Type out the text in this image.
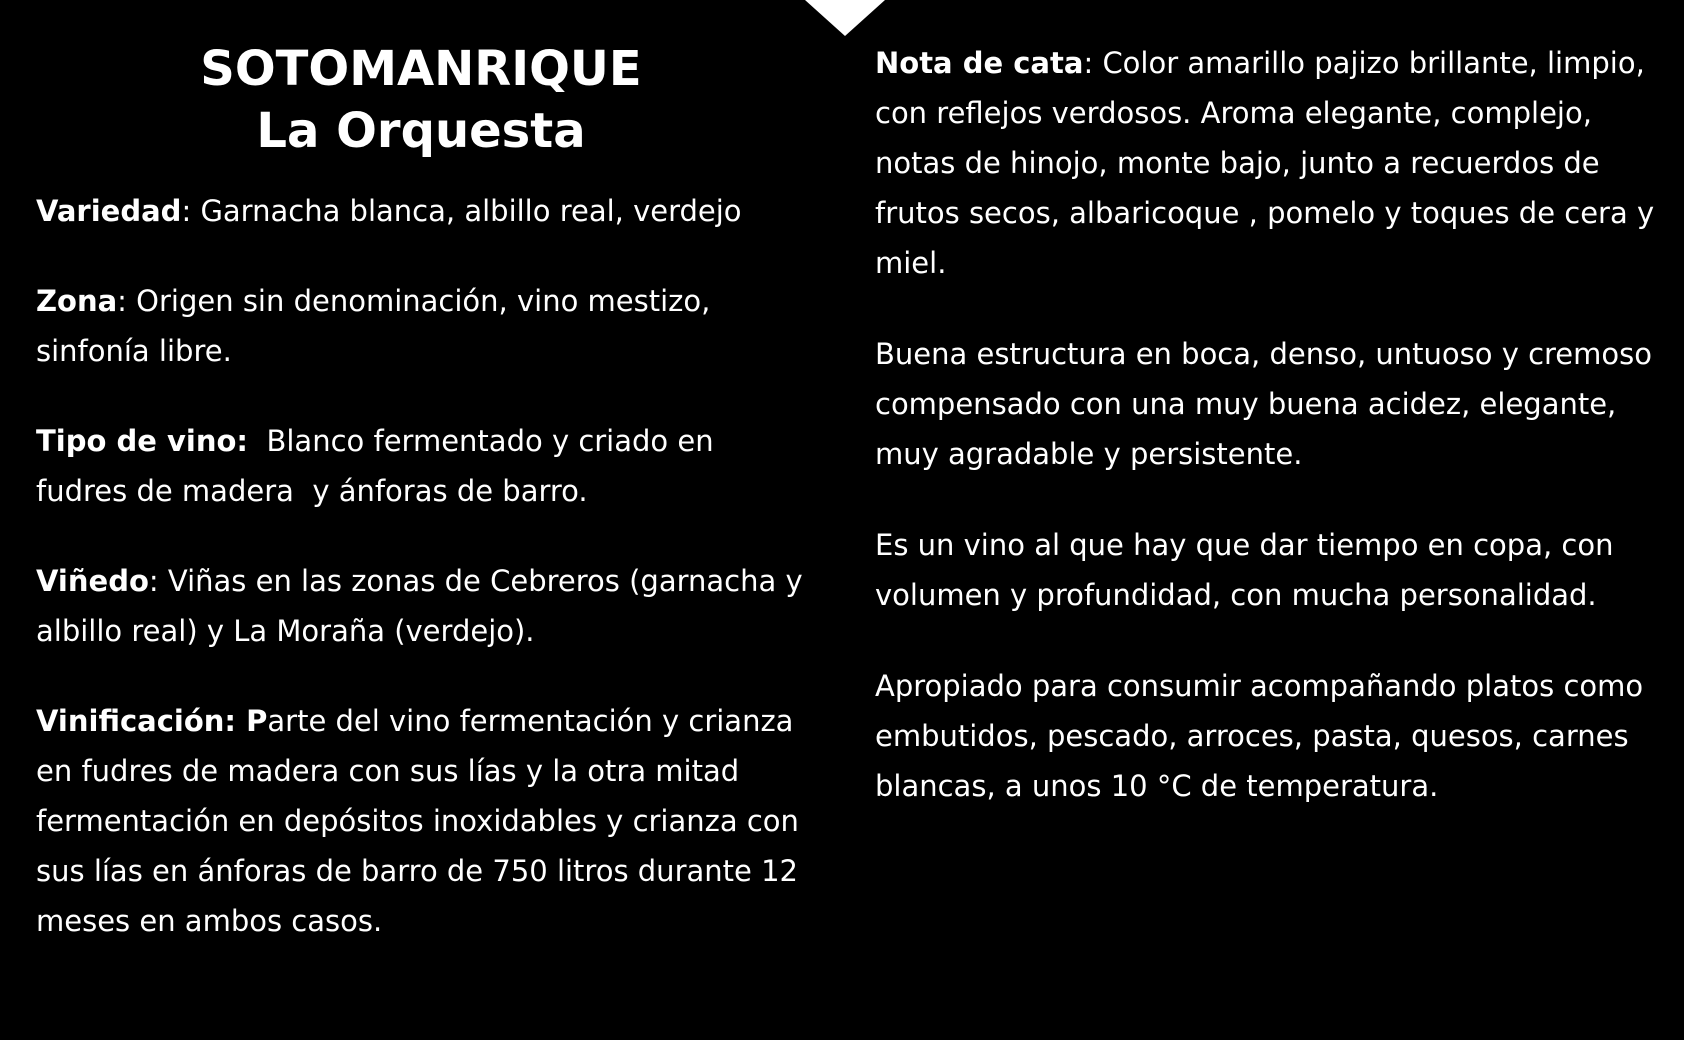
SOTOMANRIQUE
La Orquesta

Variedad: Garnacha blanca, albillo real, verdejo

Zona: Origen sin denominación, vino mestizo, sinfonía libre.

Tipo de vino: Blanco fermentado y criado en fudres de madera  y ánforas de barro.

Viñedo: Viñas en las zonas de Cebreros (garnacha y albillo real) y La Moraña (verdejo).

Vinificación: Parte del vino fermentación y crianza en fudres de madera con sus lías y la otra mitad fermentación en depósitos inoxidables y crianza con sus lías en ánforas de barro de 750 litros durante 12 meses en ambos casos.

Nota de cata: Color amarillo pajizo brillante, limpio, con reflejos verdosos. Aroma elegante, complejo, notas de hinojo, monte bajo, junto a recuerdos de frutos secos, albaricoque , pomelo y toques de cera y miel.

Buena estructura en boca, denso, untuoso y cremoso compensado con una muy buena acidez, elegante, muy agradable y persistente.

Es un vino al que hay que dar tiempo en copa, con volumen y profundidad, con mucha personalidad.

Apropiado para consumir acompañando platos como embutidos, pescado, arroces, pasta, quesos, carnes blancas, a unos 10 °C de temperatura.
